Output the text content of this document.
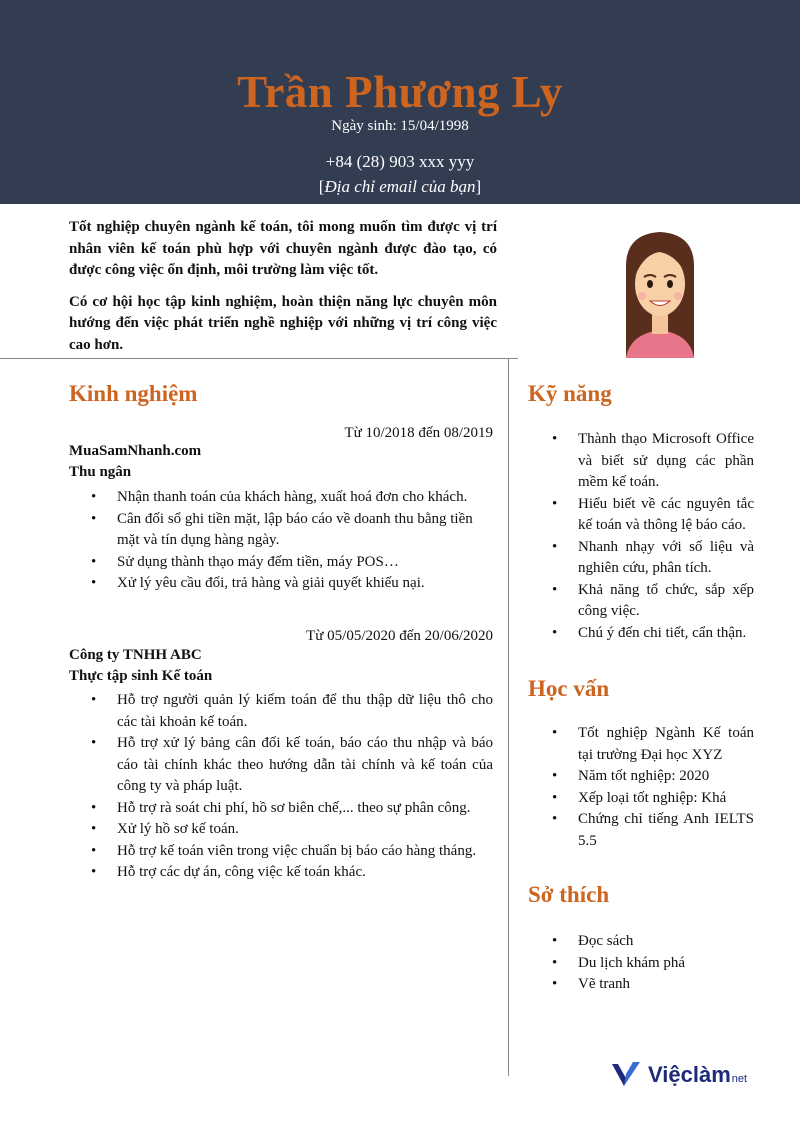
Trần Phương Ly
Ngày sinh: 15/04/1998
+84 (28) 903 xxx yyy
[Địa chỉ email của bạn]

Tốt nghiệp chuyên ngành kế toán, tôi mong muốn tìm được vị trí nhân viên kế toán phù hợp với chuyên ngành được đào tạo, có được công việc ổn định, môi trường làm việc tốt.

Có cơ hội học tập kinh nghiệm, hoàn thiện năng lực chuyên môn hướng đến việc phát triển nghề nghiệp với những vị trí công việc cao hơn.

Kinh nghiệm
Từ 10/2018 đến 08/2019
MuaSamNhanh.com
Thu ngân
• Nhận thanh toán của khách hàng, xuất hoá đơn cho khách.
• Cân đối sổ ghi tiền mặt, lập báo cáo về doanh thu bằng tiền mặt và tín dụng hàng ngày.
• Sử dụng thành thạo máy đếm tiền, máy POS…
• Xử lý yêu cầu đổi, trả hàng và giải quyết khiếu nại.
Từ 05/05/2020 đến 20/06/2020
Công ty TNHH ABC
Thực tập sinh Kế toán
• Hỗ trợ người quản lý kiểm toán để thu thập dữ liệu thô cho các tài khoản kế toán.
• Hỗ trợ xử lý bảng cân đối kế toán, báo cáo thu nhập và báo cáo tài chính khác theo hướng dẫn tài chính và kế toán của công ty và pháp luật.
• Hỗ trợ rà soát chi phí, hồ sơ biên chế,... theo sự phân công.
• Xử lý hồ sơ kế toán.
• Hỗ trợ kế toán viên trong việc chuẩn bị báo cáo hàng tháng.
• Hỗ trợ các dự án, công việc kế toán khác.
Kỹ năng
• Thành thạo Microsoft Office và biết sử dụng các phần mềm kế toán.
• Hiểu biết về các nguyên tắc kế toán và thông lệ báo cáo.
• Nhanh nhạy với số liệu và nghiên cứu, phân tích.
• Khả năng tổ chức, sắp xếp công việc.
• Chú ý đến chi tiết, cẩn thận.
Học vấn
• Tốt nghiệp Ngành Kế toán tại trường Đại học XYZ
• Năm tốt nghiệp: 2020
• Xếp loại tốt nghiệp: Khá
• Chứng chỉ tiếng Anh IELTS 5.5
Sở thích
• Đọc sách
• Du lịch khám phá
• Vẽ tranh
Việclàm net
